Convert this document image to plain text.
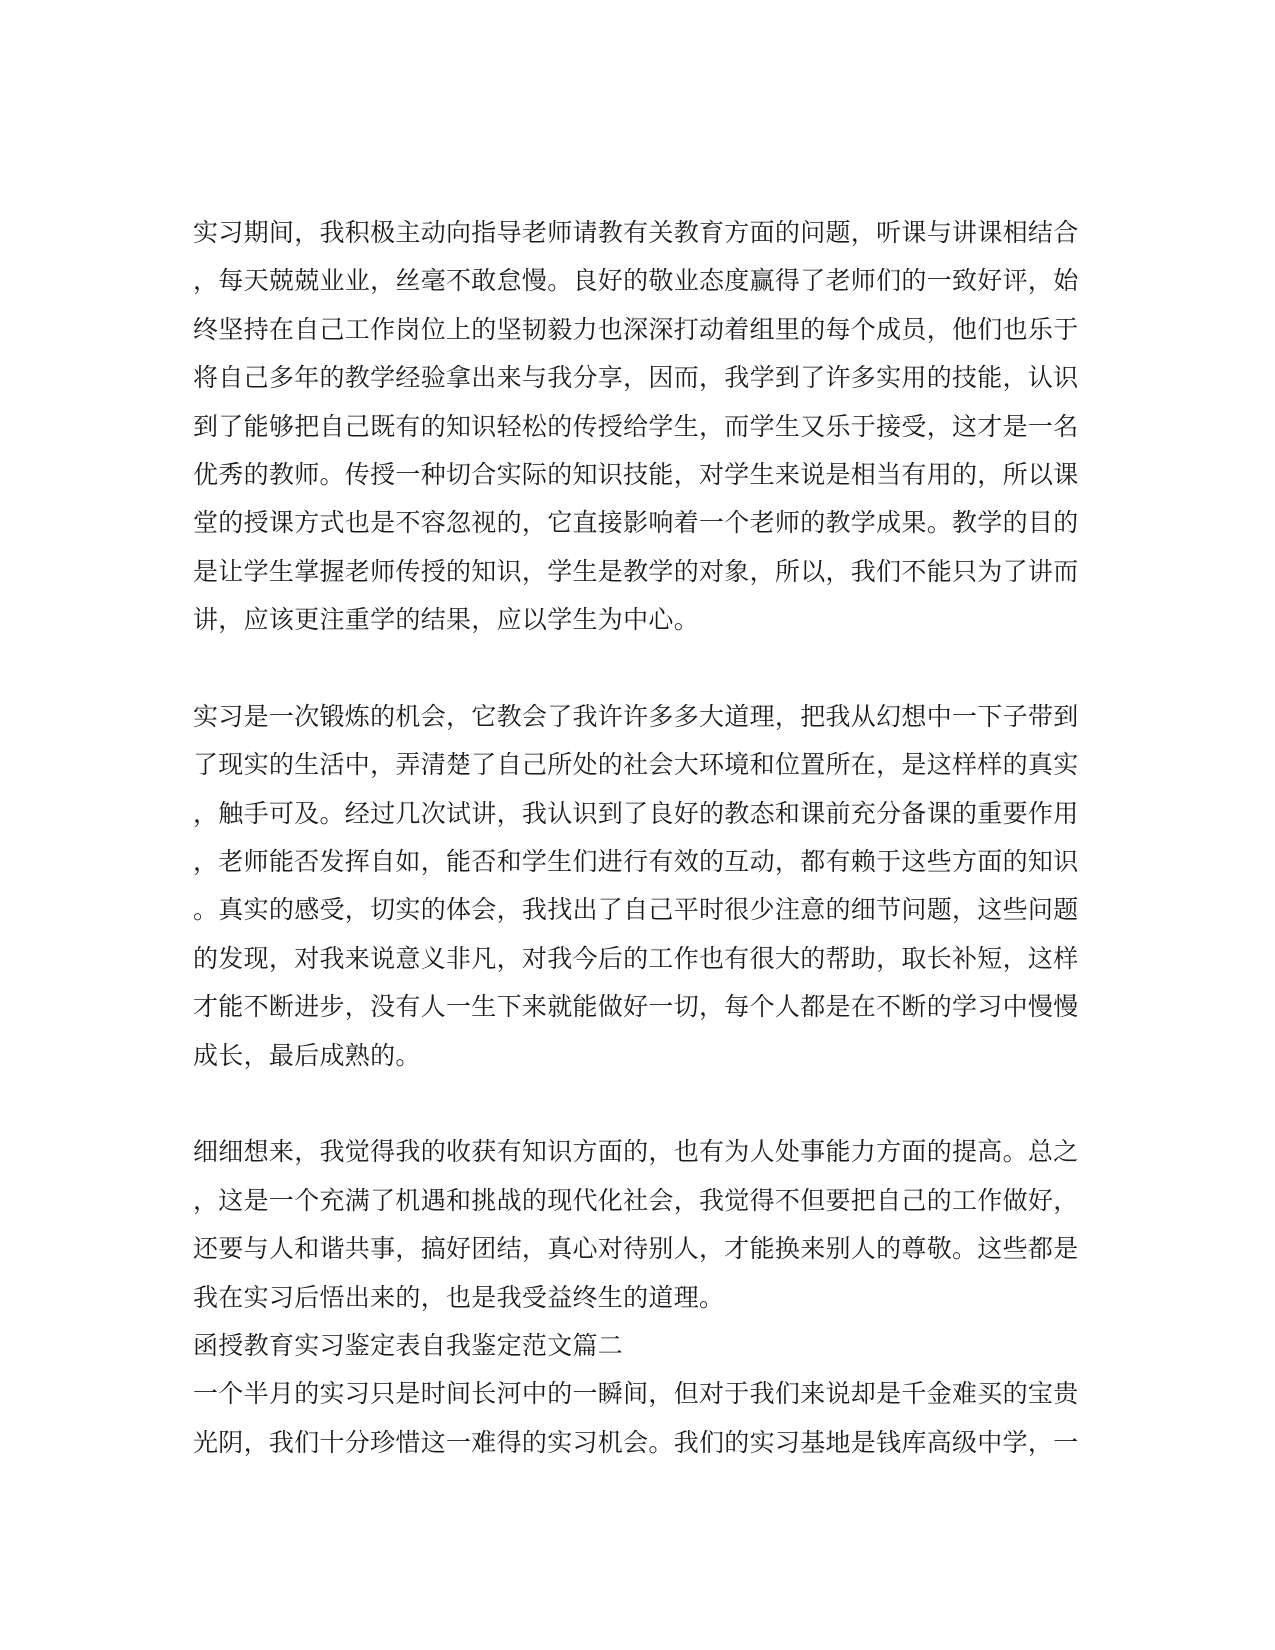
实习期间，我积极主动向指导老师请教有关教育方面的问题，听课与讲课相结合
，每天兢兢业业，丝毫不敢怠慢。良好的敬业态度赢得了老师们的一致好评，始
终坚持在自己工作岗位上的坚韧毅力也深深打动着组里的每个成员，他们也乐于
将自己多年的教学经验拿出来与我分享，因而，我学到了许多实用的技能，认识
到了能够把自己既有的知识轻松的传授给学生，而学生又乐于接受，这才是一名
优秀的教师。传授一种切合实际的知识技能，对学生来说是相当有用的，所以课
堂的授课方式也是不容忽视的，它直接影响着一个老师的教学成果。教学的目的
是让学生掌握老师传授的知识，学生是教学的对象，所以，我们不能只为了讲而
讲，应该更注重学的结果，应以学生为中心。
实习是一次锻炼的机会，它教会了我许许多多大道理，把我从幻想中一下子带到
了现实的生活中，弄清楚了自己所处的社会大环境和位置所在，是这样样的真实
，触手可及。经过几次试讲，我认识到了良好的教态和课前充分备课的重要作用
，老师能否发挥自如，能否和学生们进行有效的互动，都有赖于这些方面的知识
。真实的感受，切实的体会，我找出了自己平时很少注意的细节问题，这些问题
的发现，对我来说意义非凡，对我今后的工作也有很大的帮助，取长补短，这样
才能不断进步，没有人一生下来就能做好一切，每个人都是在不断的学习中慢慢
成长，最后成熟的。
细细想来，我觉得我的收获有知识方面的，也有为人处事能力方面的提高。总之
，这是一个充满了机遇和挑战的现代化社会，我觉得不但要把自己的工作做好，
还要与人和谐共事，搞好团结，真心对待别人，才能换来别人的尊敬。这些都是
我在实习后悟出来的，也是我受益终生的道理。
函授教育实习鉴定表自我鉴定范文篇二
一个半月的实习只是时间长河中的一瞬间，但对于我们来说却是千金难买的宝贵
光阴，我们十分珍惜这一难得的实习机会。我们的实习基地是钱库高级中学，一
